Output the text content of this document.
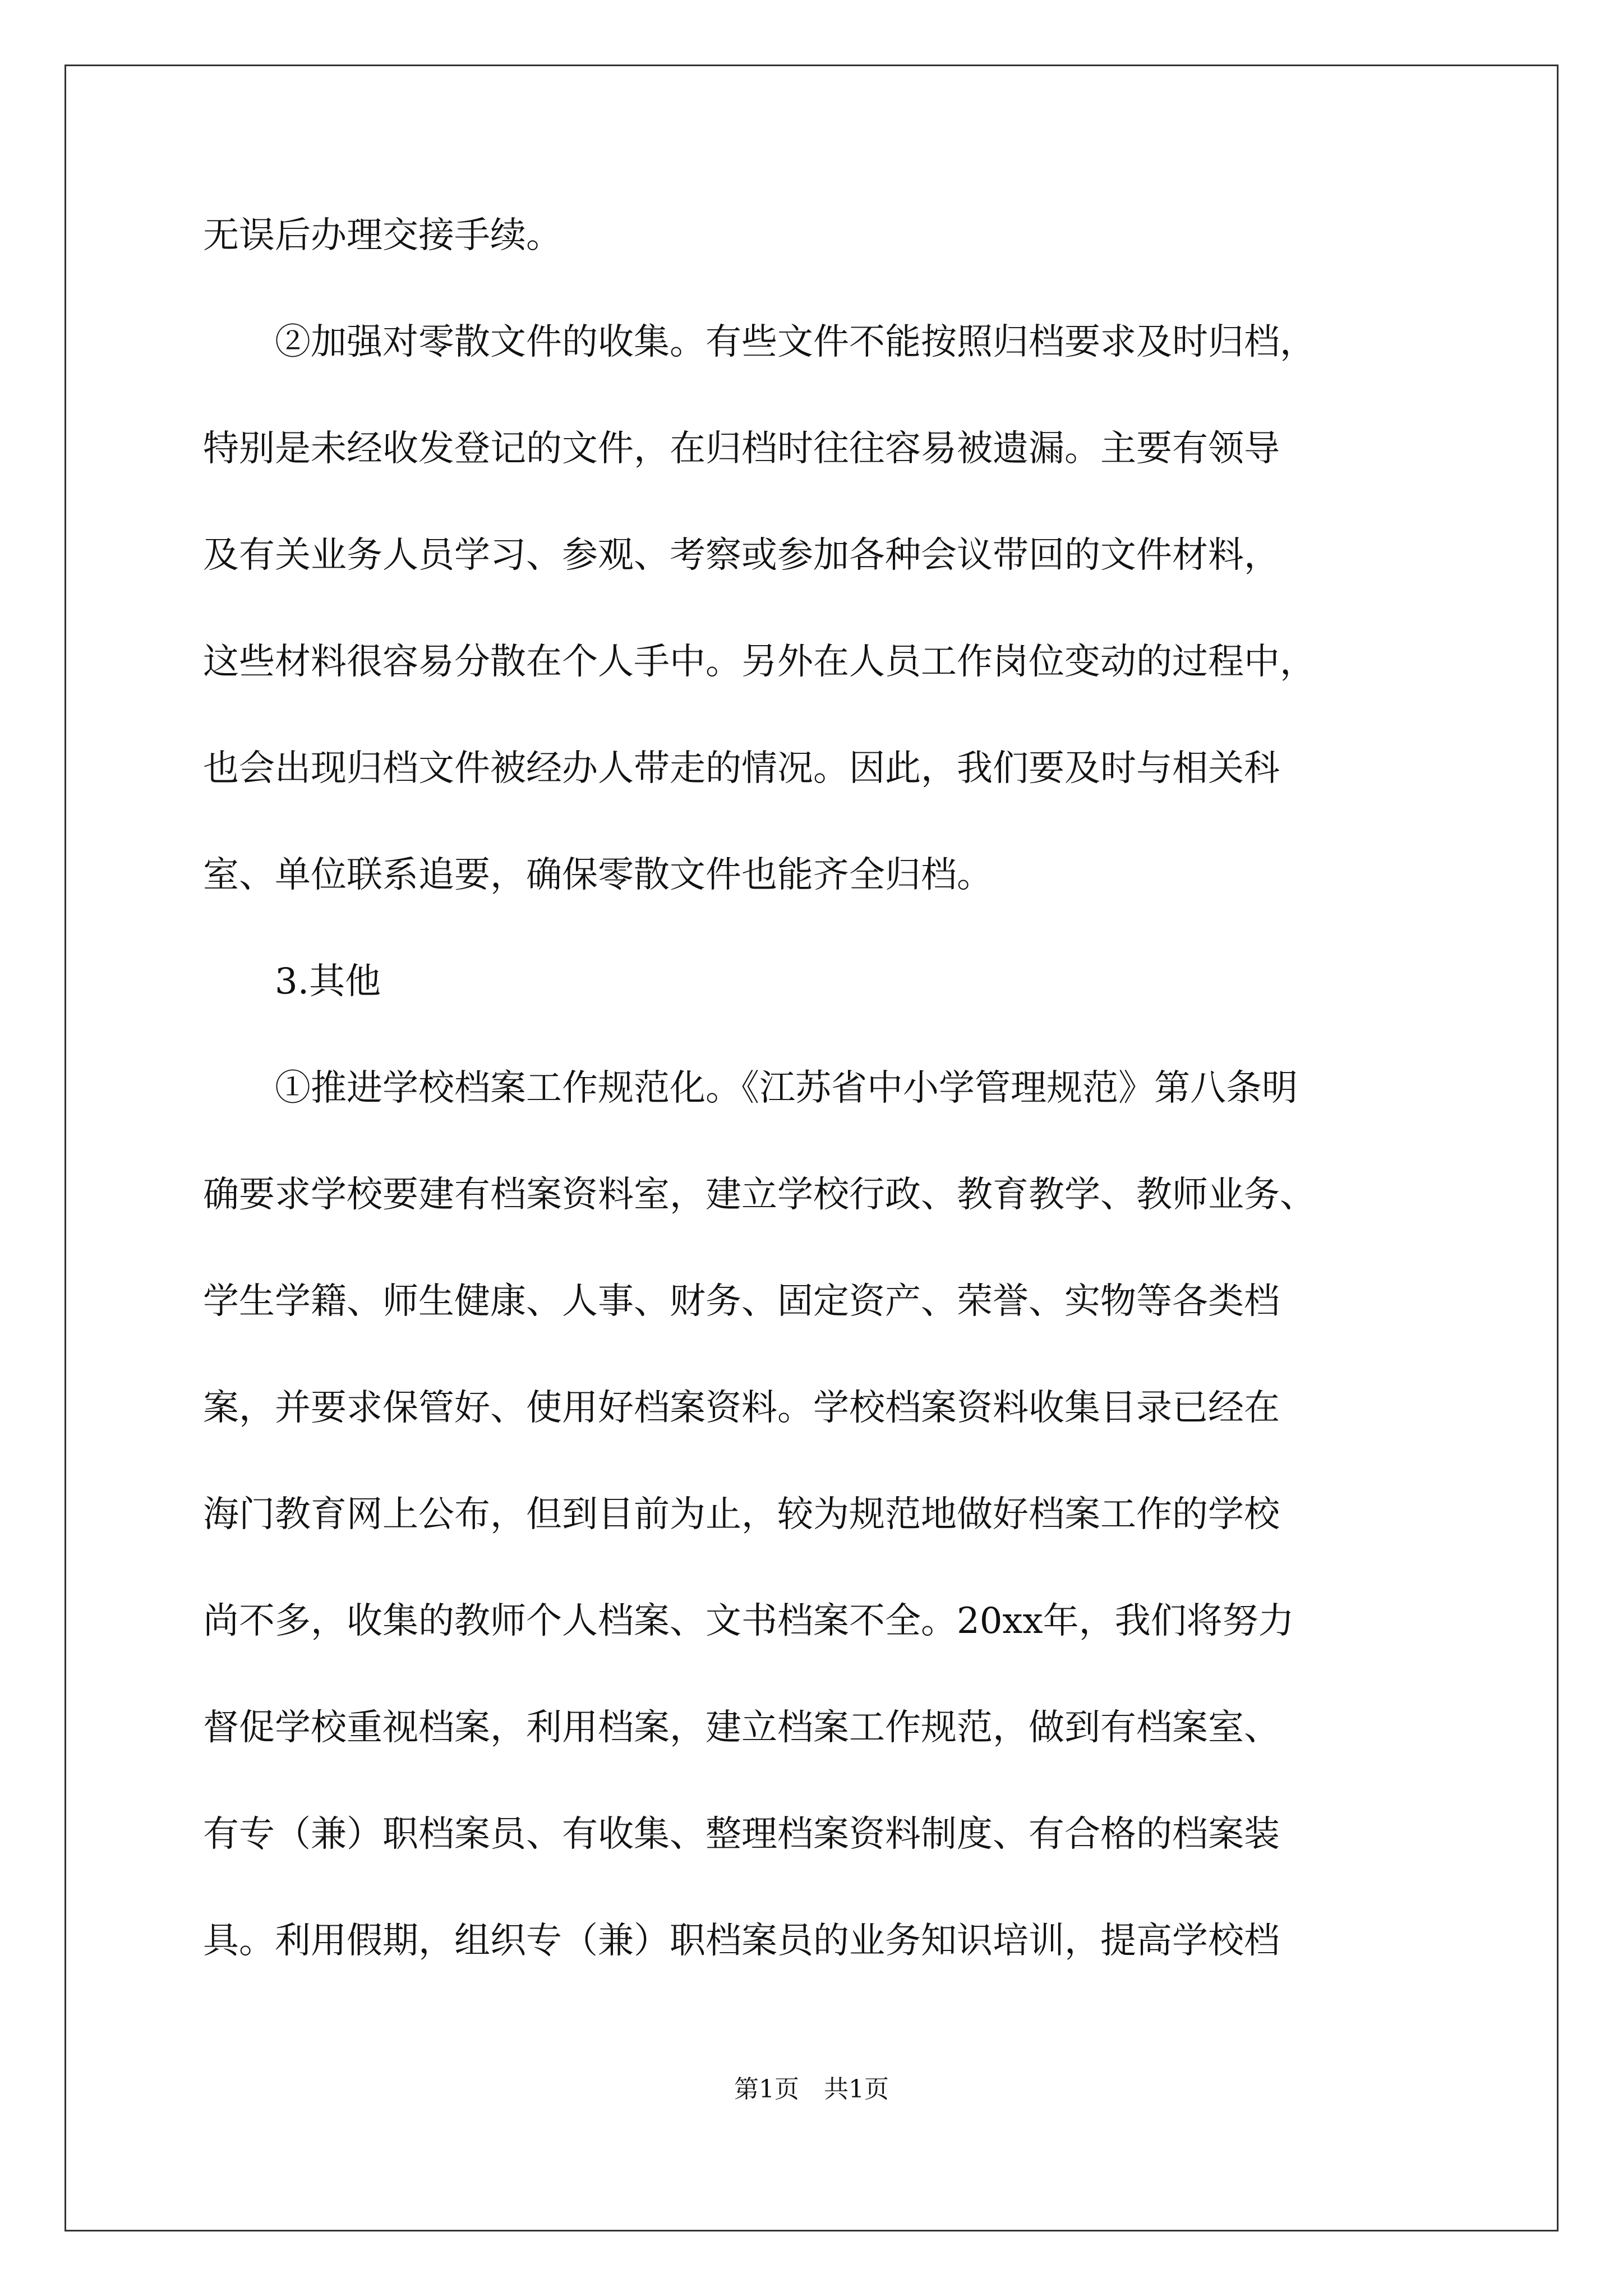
无误后办理交接手续。
②加强对零散文件的收集。有些文件不能按照归档要求及时归档，
特别是未经收发登记的文件，在归档时往往容易被遗漏。主要有领导
及有关业务人员学习、参观、考察或参加各种会议带回的文件材料，
这些材料很容易分散在个人手中。另外在人员工作岗位变动的过程中，
也会出现归档文件被经办人带走的情况。因此，我们要及时与相关科
室、单位联系追要，确保零散文件也能齐全归档。
3.其他
①推进学校档案工作规范化。《江苏省中小学管理规范》第八条明
确要求学校要建有档案资料室，建立学校行政、教育教学、教师业务、
学生学籍、师生健康、人事、财务、固定资产、荣誉、实物等各类档
案，并要求保管好、使用好档案资料。学校档案资料收集目录已经在
海门教育网上公布，但到目前为止，较为规范地做好档案工作的学校
尚不多，收集的教师个人档案、文书档案不全。20xx年，我们将努力
督促学校重视档案，利用档案，建立档案工作规范，做到有档案室、
有专（兼）职档案员、有收集、整理档案资料制度、有合格的档案装
具。利用假期，组织专（兼）职档案员的业务知识培训，提高学校档
第1页 共1页
